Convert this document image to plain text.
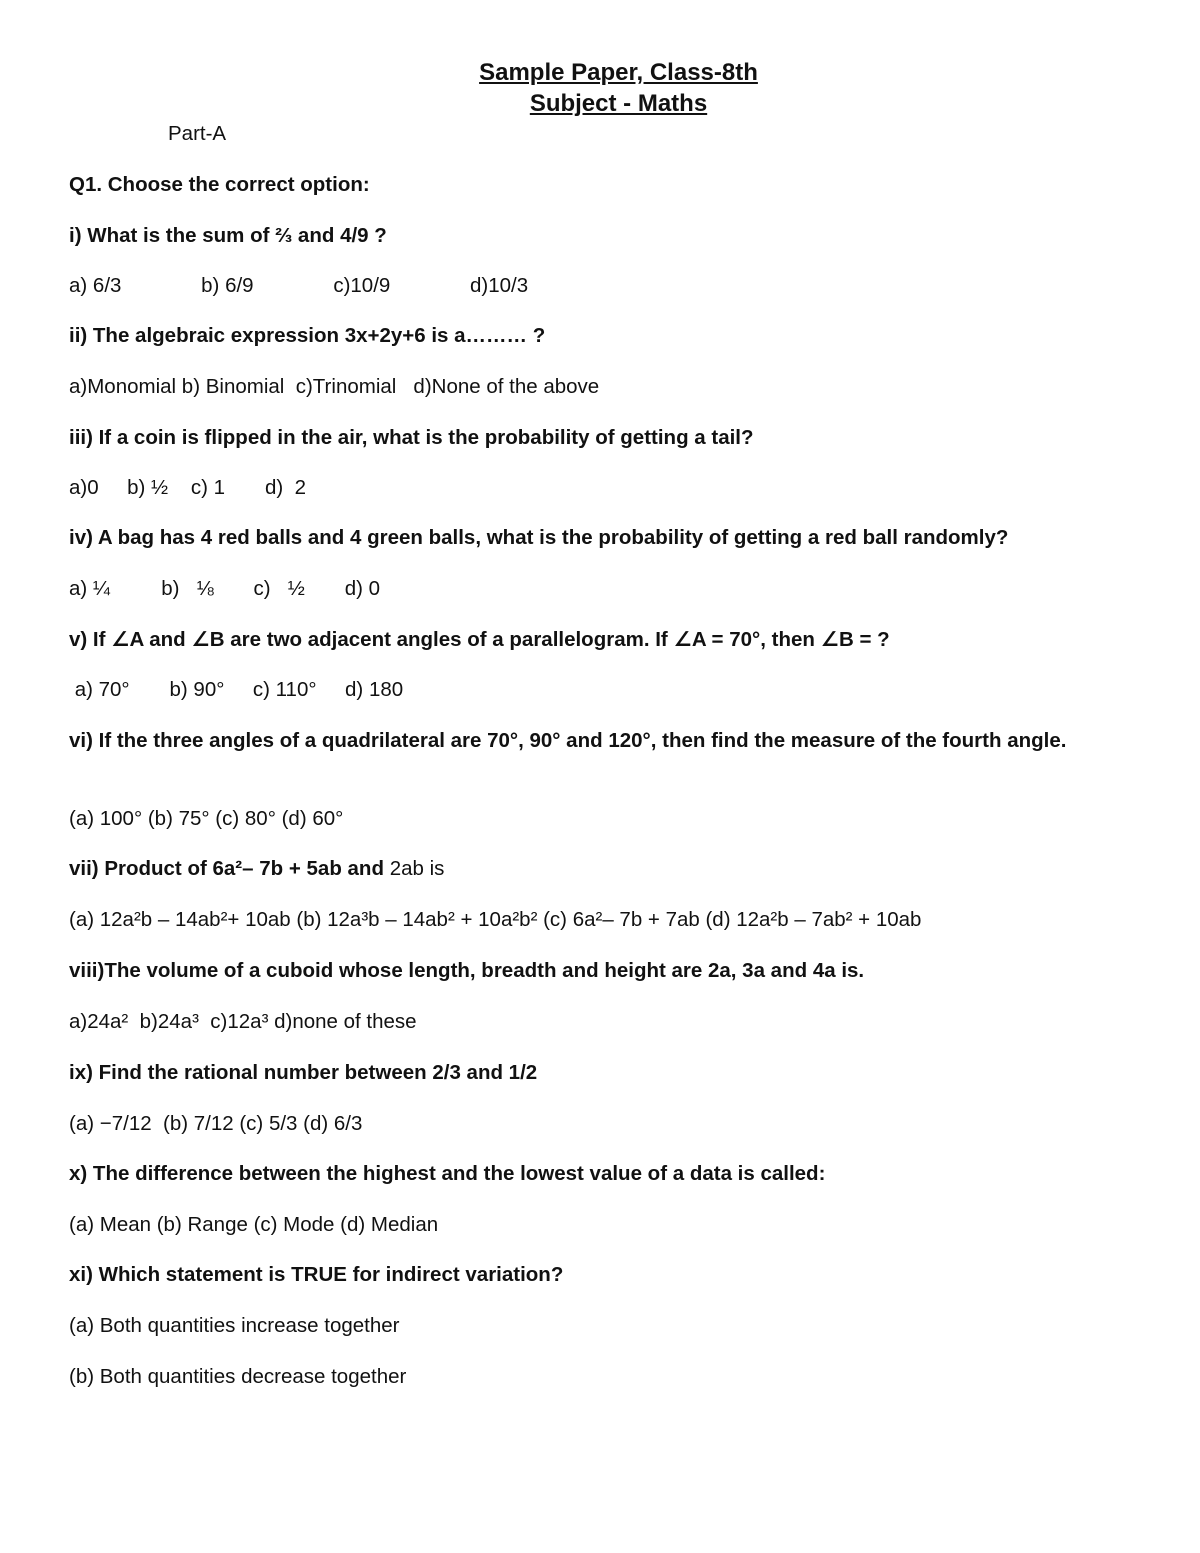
Sample Paper, Class-8th
Subject - Maths
Part-A
Q1. Choose the correct option:
i) What is the sum of ⅔ and 4/9 ?
a) 6/3              b) 6/9              c)10/9              d)10/3
ii) The algebraic expression 3x+2y+6 is a……… ?
a)Monomial b) Binomial  c)Trinomial   d)None of the above
iii) If a coin is flipped in the air, what is the probability of getting a tail?
a)0     b) ½    c) 1       d)  2
iv) A bag has 4 red balls and 4 green balls, what is the probability of getting a red ball randomly?
a) ¼         b)   ⅛       c)   ½       d) 0
v) If ∠A and ∠B are two adjacent angles of a parallelogram. If ∠A = 70°, then ∠B = ?
a) 70°       b) 90°     c) 110°     d) 180
vi) If the three angles of a quadrilateral are 70°, 90° and 120°, then find the measure of the fourth angle.
(a) 100° (b) 75° (c) 80° (d) 60°
vii) Product of 6a²– 7b + 5ab and 2ab is
(a) 12a²b – 14ab²+ 10ab (b) 12a³b – 14ab² + 10a²b² (c) 6a²– 7b + 7ab (d) 12a²b – 7ab² + 10ab
viii)The volume of a cuboid whose length, breadth and height are 2a, 3a and 4a is.
a)24a²  b)24a³  c)12a³ d)none of these
ix) Find the rational number between 2/3 and 1/2
(a) −7/12  (b) 7/12 (c) 5/3 (d) 6/3
x) The difference between the highest and the lowest value of a data is called:
(a) Mean (b) Range (c) Mode (d) Median
xi) Which statement is TRUE for indirect variation?
(a) Both quantities increase together
(b) Both quantities decrease together
